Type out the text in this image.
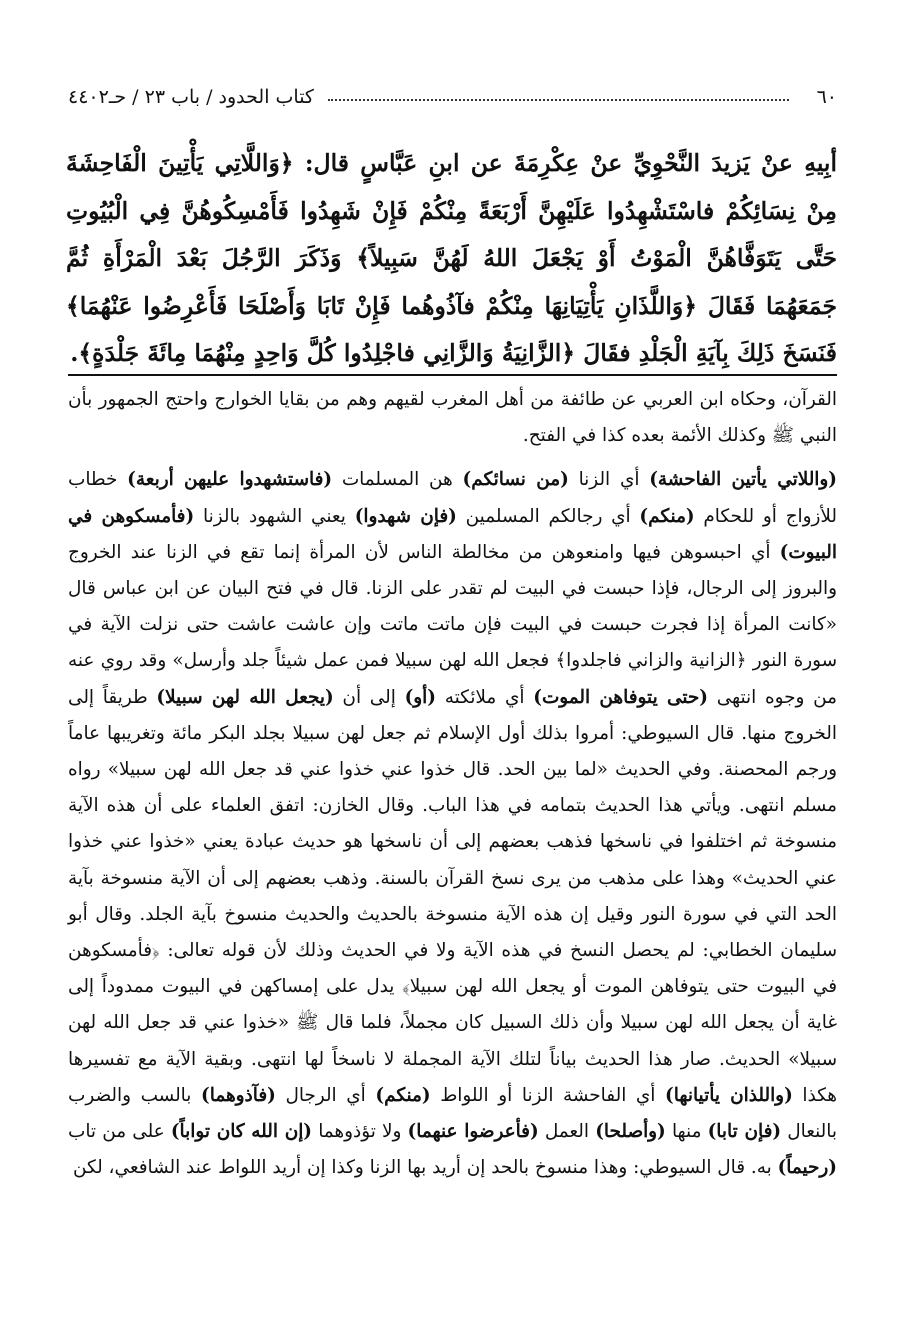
٦٠
كتاب الحدود / باب ٢٣ / حـ٤٤٠٢

أبِيهِ عنْ يَزيدَ النَّحْوِيِّ عنْ عِكْرِمَةَ عن ابنِ عَبَّاسٍ قال: ﴿وَاللَّاتِي يَأْتِينَ الْفَاحِشَةَ مِنْ نِسَائِكُمْ فاسْتَشْهِدُوا عَلَيْهِنَّ أَرْبَعَةً مِنْكُمْ فَإِنْ شَهِدُوا فَأَمْسِكُوهُنَّ فِي الْبُيُوتِ حَتَّى يَتَوَفَّاهُنَّ الْمَوْتُ أَوْ يَجْعَلَ اللهُ لَهُنَّ سَبِيلاً﴾ وَذَكَرَ الرَّجُلَ بَعْدَ الْمَرْأَةِ ثُمَّ جَمَعَهُمَا فَقَالَ ﴿وَاللَّذَانِ يَأْتِيَانِهَا مِنْكُمْ فآذُوهُما فَإِنْ تَابَا وَأَصْلَحَا فَأَعْرِضُوا عَنْهُمَا﴾ فَنَسَخَ ذَلِكَ بِآيَةِ الْجَلْدِ فقَالَ ﴿الزَّانِيَةُ وَالزَّانِي فاجْلِدُوا كُلَّ وَاحِدٍ مِنْهُمَا مِائَةَ جَلْدَةٍ﴾.

القرآن، وحكاه ابن العربي عن طائفة من أهل المغرب لقيهم وهم من بقايا الخوارج واحتج الجمهور بأن النبي ﷺ وكذلك الأئمة بعده كذا في الفتح.

(واللاتي يأتين الفاحشة) أي الزنا (من نسائكم) هن المسلمات (فاستشهدوا عليهن أربعة) خطاب للأزواج أو للحكام (منكم) أي رجالكم المسلمين (فإن شهدوا) يعني الشهود بالزنا (فأمسكوهن في البيوت) أي احبسوهن فيها وامنعوهن من مخالطة الناس لأن المرأة إنما تقع في الزنا عند الخروج والبروز إلى الرجال، فإذا حبست في البيت لم تقدر على الزنا. قال في فتح البيان عن ابن عباس قال «كانت المرأة إذا فجرت حبست في البيت فإن ماتت ماتت وإن عاشت عاشت حتى نزلت الآية في سورة النور ﴿الزانية والزاني فاجلدوا﴾ فجعل الله لهن سبيلا فمن عمل شيئاً جلد وأرسل» وقد روي عنه من وجوه انتهى (حتى يتوفاهن الموت) أي ملائكته (أو) إلى أن (يجعل الله لهن سبيلا) طريقاً إلى الخروج منها. قال السيوطي: أمروا بذلك أول الإسلام ثم جعل لهن سبيلا بجلد البكر مائة وتغريبها عاماً ورجم المحصنة. وفي الحديث «لما بين الحد. قال خذوا عني خذوا عني قد جعل الله لهن سبيلا» رواه مسلم انتهى. ويأتي هذا الحديث بتمامه في هذا الباب. وقال الخازن: اتفق العلماء على أن هذه الآية منسوخة ثم اختلفوا في ناسخها فذهب بعضهم إلى أن ناسخها هو حديث عبادة يعني «خذوا عني خذوا عني الحديث» وهذا على مذهب من يرى نسخ القرآن بالسنة. وذهب بعضهم إلى أن الآية منسوخة بآية الحد التي في سورة النور وقيل إن هذه الآية منسوخة بالحديث والحديث منسوخ بآية الجلد. وقال أبو سليمان الخطابي: لم يحصل النسخ في هذه الآية ولا في الحديث وذلك لأن قوله تعالى: ﴿فأمسكوهن في البيوت حتى يتوفاهن الموت أو يجعل الله لهن سبيلا﴾ يدل على إمساكهن في البيوت ممدوداً إلى غاية أن يجعل الله لهن سبيلا وأن ذلك السبيل كان مجملاً، فلما قال ﷺ «خذوا عني قد جعل الله لهن سبيلا» الحديث. صار هذا الحديث بياناً لتلك الآية المجملة لا ناسخاً لها انتهى. وبقية الآية مع تفسيرها هكذا (واللذان يأتيانها) أي الفاحشة الزنا أو اللواط (منكم) أي الرجال (فآذوهما) بالسب والضرب بالنعال (فإن تابا) منها (وأصلحا) العمل (فأعرضوا عنهما) ولا تؤذوهما (إن الله كان تواباً) على من تاب (رحيماً) به. قال السيوطي: وهذا منسوخ بالحد إن أريد بها الزنا وكذا إن أريد اللواط عند الشافعي، لكن
